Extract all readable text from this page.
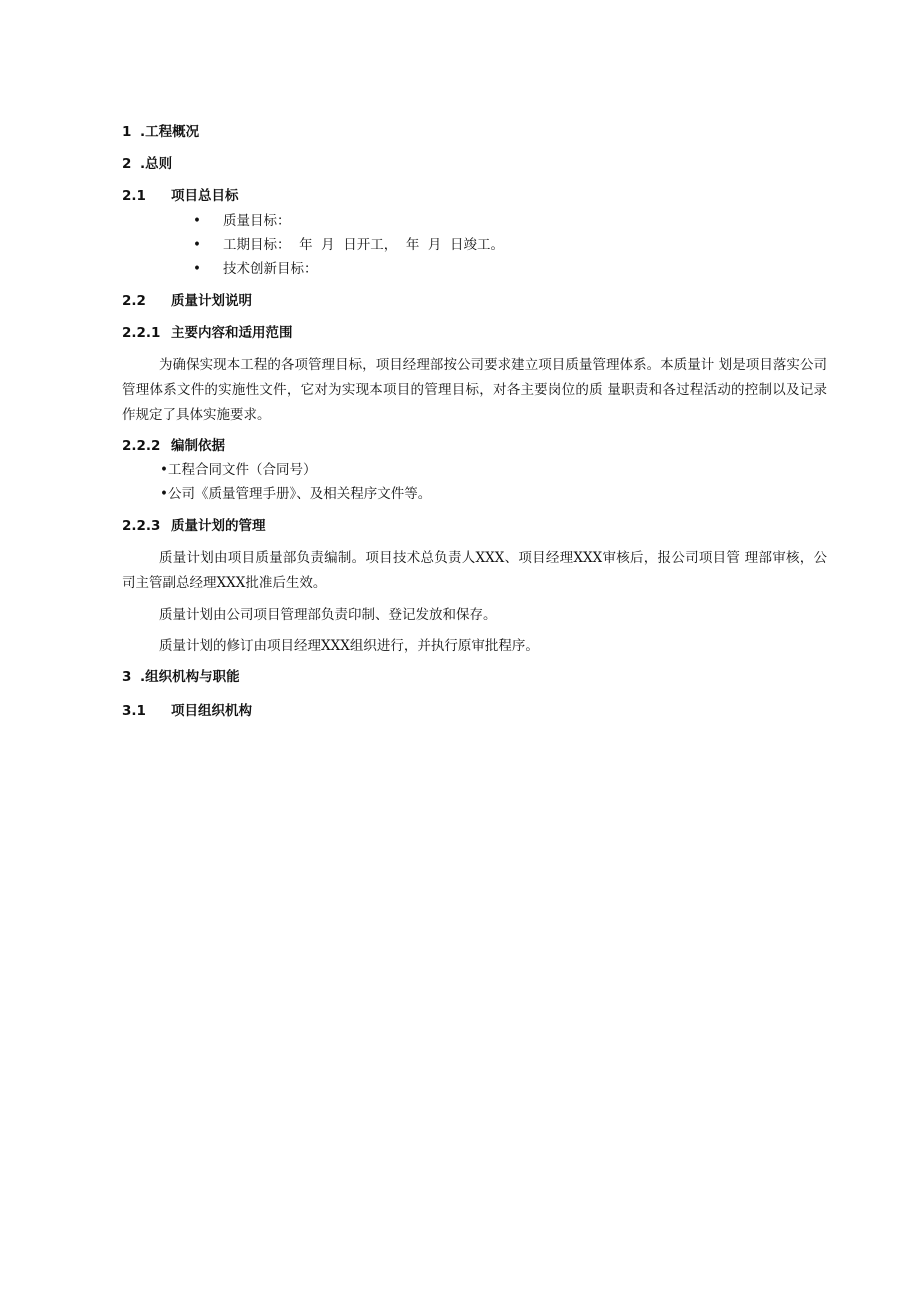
1 .工程概况
2 .总则
2.1 项目总目标
• 质量目标：
• 工期目标：  年  月  日开工，  年  月  日竣工。
• 技术创新目标：
2.2 质量计划说明
2.2.1 主要内容和适用范围
为确保实现本工程的各项管理目标，项目经理部按公司要求建立项目质量管理体系。本质量计 划是项目落实公司管理体系文件的实施性文件，它对为实现本项目的管理目标，对各主要岗位的质 量职责和各过程活动的控制以及记录作规定了具体实施要求。
2.2.2 编制依据
•工程合同文件（合同号）
•公司《质量管理手册》、及相关程序文件等。
2.2.3 质量计划的管理
质量计划由项目质量部负责编制。项目技术总负责人XXX、项目经理XXX审核后，报公司项目管 理部审核，公司主管副总经理XXX批准后生效。
质量计划由公司项目管理部负责印制、登记发放和保存。
质量计划的修订由项目经理XXX组织进行，并执行原审批程序。
3 .组织机构与职能
3.1 项目组织机构
